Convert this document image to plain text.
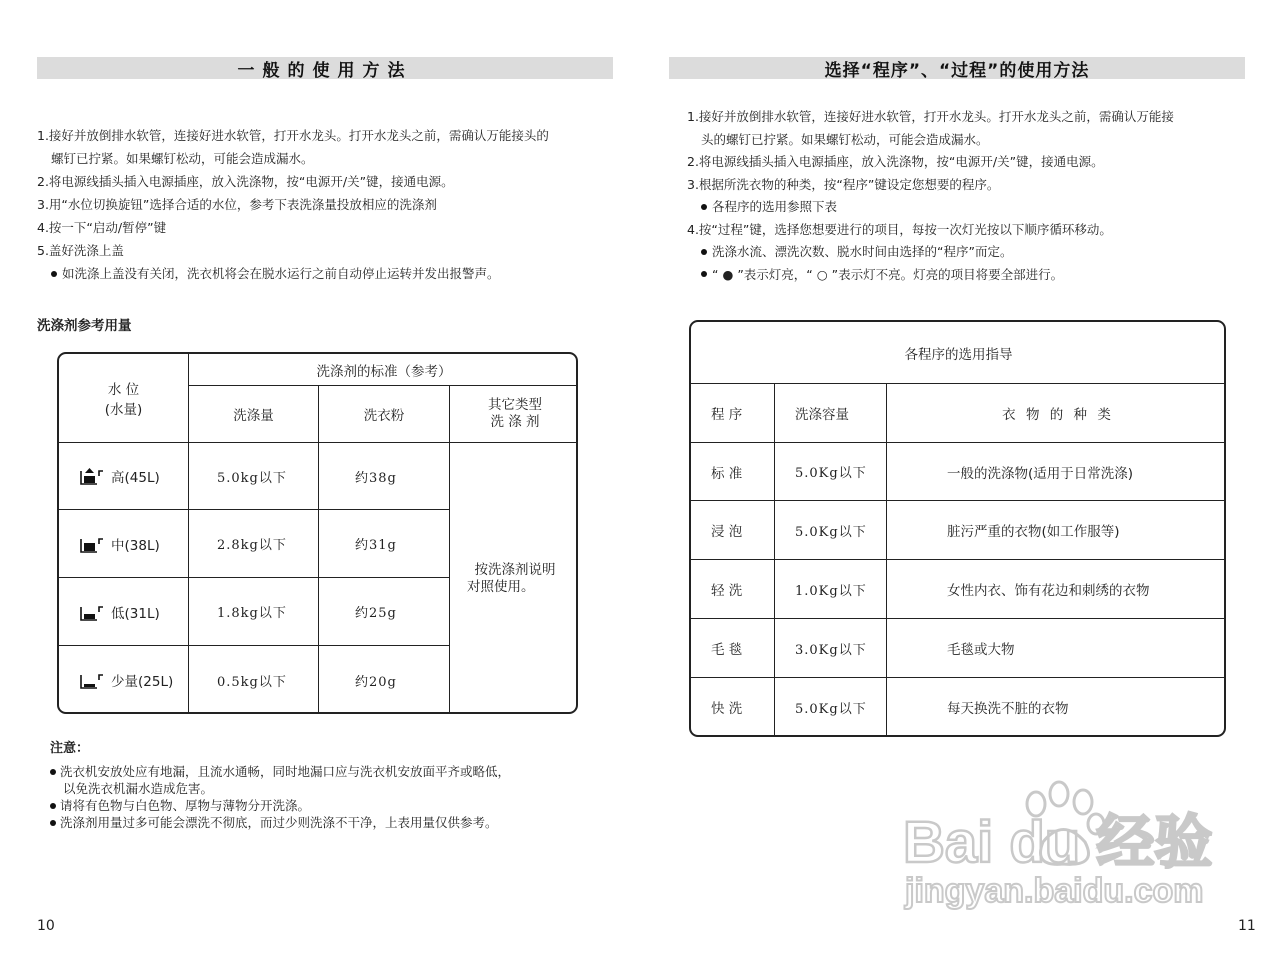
一般的使用方法
1.接好并放倒排水软管，连接好进水软管，打开水龙头。打开水龙头之前，需确认万能接头的
螺钉已拧紧。如果螺钉松动，可能会造成漏水。
2.将电源线插头插入电源插座，放入洗涤物，按“电源开/关”键，接通电源。
3.用“水位切换旋钮”选择合适的水位，参考下表洗涤量投放相应的洗涤剂
4.按一下“启动/暂停”键
5.盖好洗涤上盖
如洗涤上盖没有关闭，洗衣机将会在脱水运行之前自动停止运转并发出报警声。
洗涤剂参考用量
水 位
(水量)
洗涤剂的标准（参考）
洗涤量	洗衣粉
其它类型
洗 涤 剂
高(45L)	5.0kg以下	约38g
中(38L)	2.8kg以下	约31g
低(31L)	1.8kg以下	约25g
少量(25L)	0.5kg以下	约20g
按洗涤剂说明
对照使用。
注意：
洗衣机安放处应有地漏，且流水通畅，同时地漏口应与洗衣机安放面平齐或略低，
以免洗衣机漏水造成危害。
请将有色物与白色物、厚物与薄物分开洗涤。
洗涤剂用量过多可能会漂洗不彻底，而过少则洗涤不干净，上表用量仅供参考。
10
选择“程序”、“过程”的使用方法
1.接好并放倒排水软管，连接好进水软管，打开水龙头。打开水龙头之前，需确认万能接
头的螺钉已拧紧。如果螺钉松动，可能会造成漏水。
2.将电源线插头插入电源插座，放入洗涤物，按“电源开/关”键，接通电源。
3.根据所洗衣物的种类，按“程序”键设定您想要的程序。
各程序的选用参照下表
4.按“过程”键，选择您想要进行的项目，每按一次灯光按以下顺序循环移动。
洗涤水流、漂洗次数、脱水时间由选择的“程序”而定。
“ ● ”表示灯亮，“ ○ ”表示灯不亮。灯亮的项目将要全部进行。
各程序的选用指导
程 序	洗涤容量	衣 物 的 种 类
标 准	5.0Kg以下	一般的洗涤物(适用于日常洗涤)
浸 泡	5.0Kg以下	脏污严重的衣物(如工作服等)
轻 洗	1.0Kg以下	女性内衣、饰有花边和刺绣的衣物
毛 毯	3.0Kg以下	毛毯或大物
快 洗	5.0Kg以下	每天换洗不脏的衣物
11
Bai du 经验
jingyan.baidu.com
